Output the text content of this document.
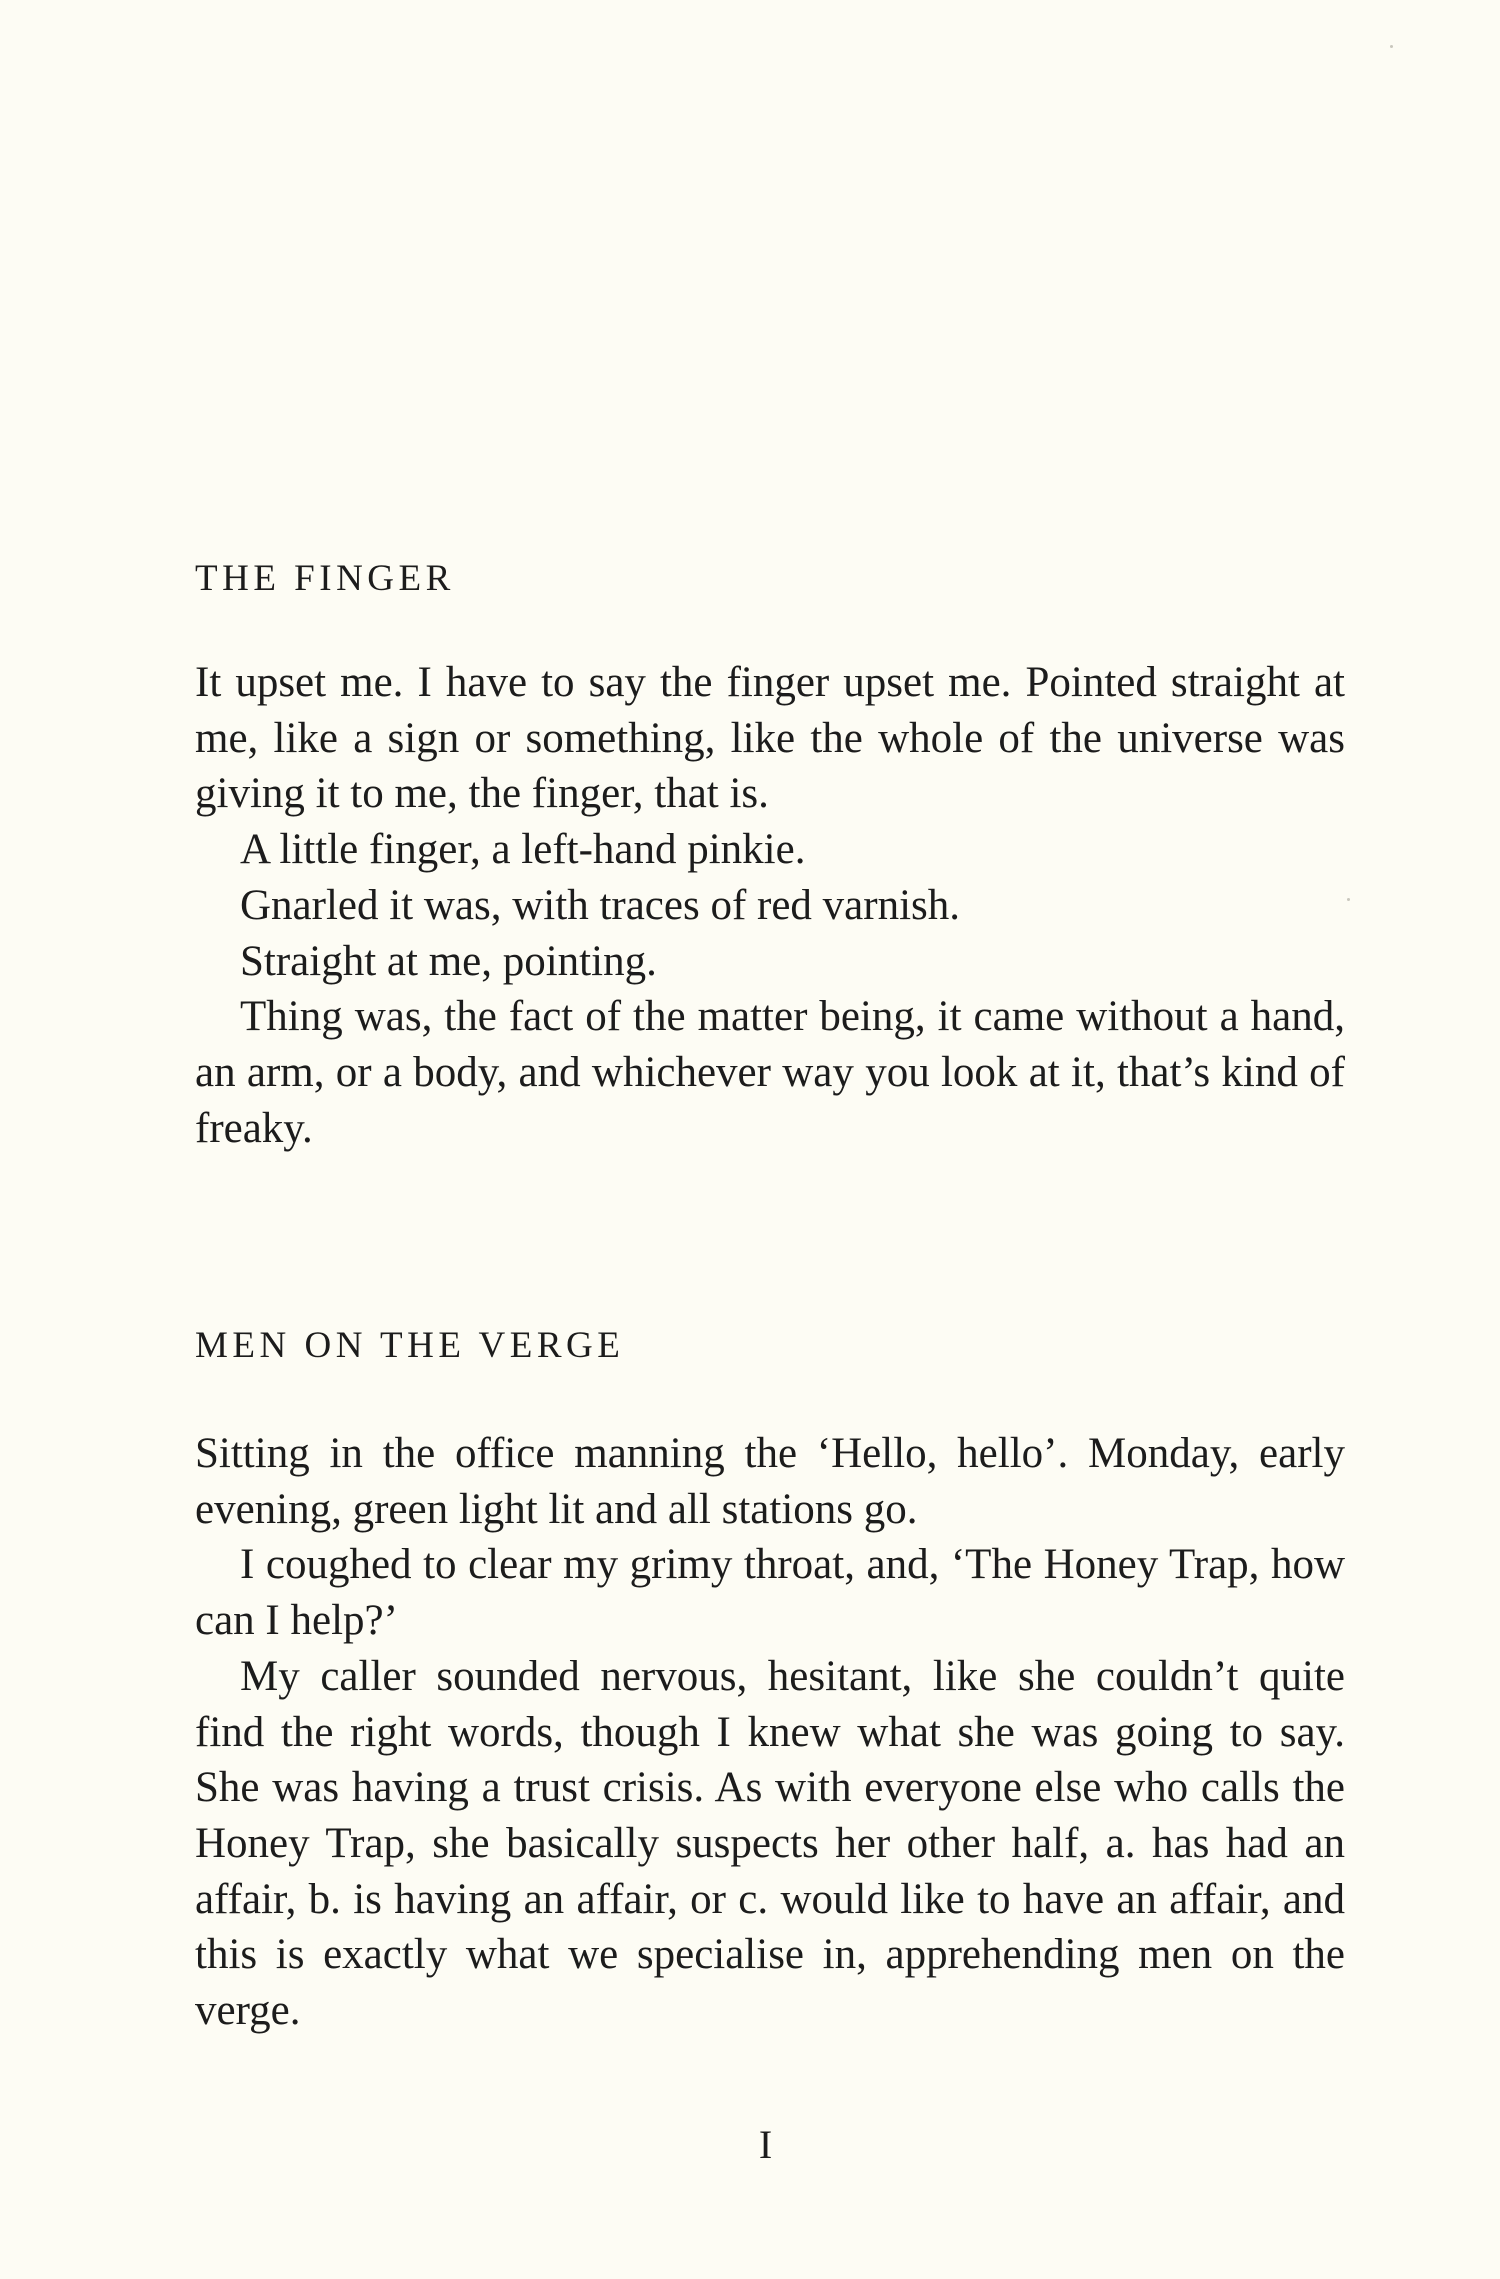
THE FINGER

It upset me. I have to say the finger upset me. Pointed straight at me, like a sign or something, like the whole of the universe was giving it to me, the finger, that is.

A little finger, a left-hand pinkie.

Gnarled it was, with traces of red varnish.

Straight at me, pointing.

Thing was, the fact of the matter being, it came without a hand, an arm, or a body, and whichever way you look at it, that’s kind of freaky.

MEN ON THE VERGE

Sitting in the office manning the ‘Hello, hello’. Monday, early evening, green light lit and all stations go.

I coughed to clear my grimy throat, and, ‘The Honey Trap, how can I help?’

My caller sounded nervous, hesitant, like she couldn’t quite find the right words, though I knew what she was going to say. She was having a trust crisis. As with everyone else who calls the Honey Trap, she basically suspects her other half, a. has had an affair, b. is having an affair, or c. would like to have an affair, and this is exactly what we specialise in, apprehending men on the verge.

I
